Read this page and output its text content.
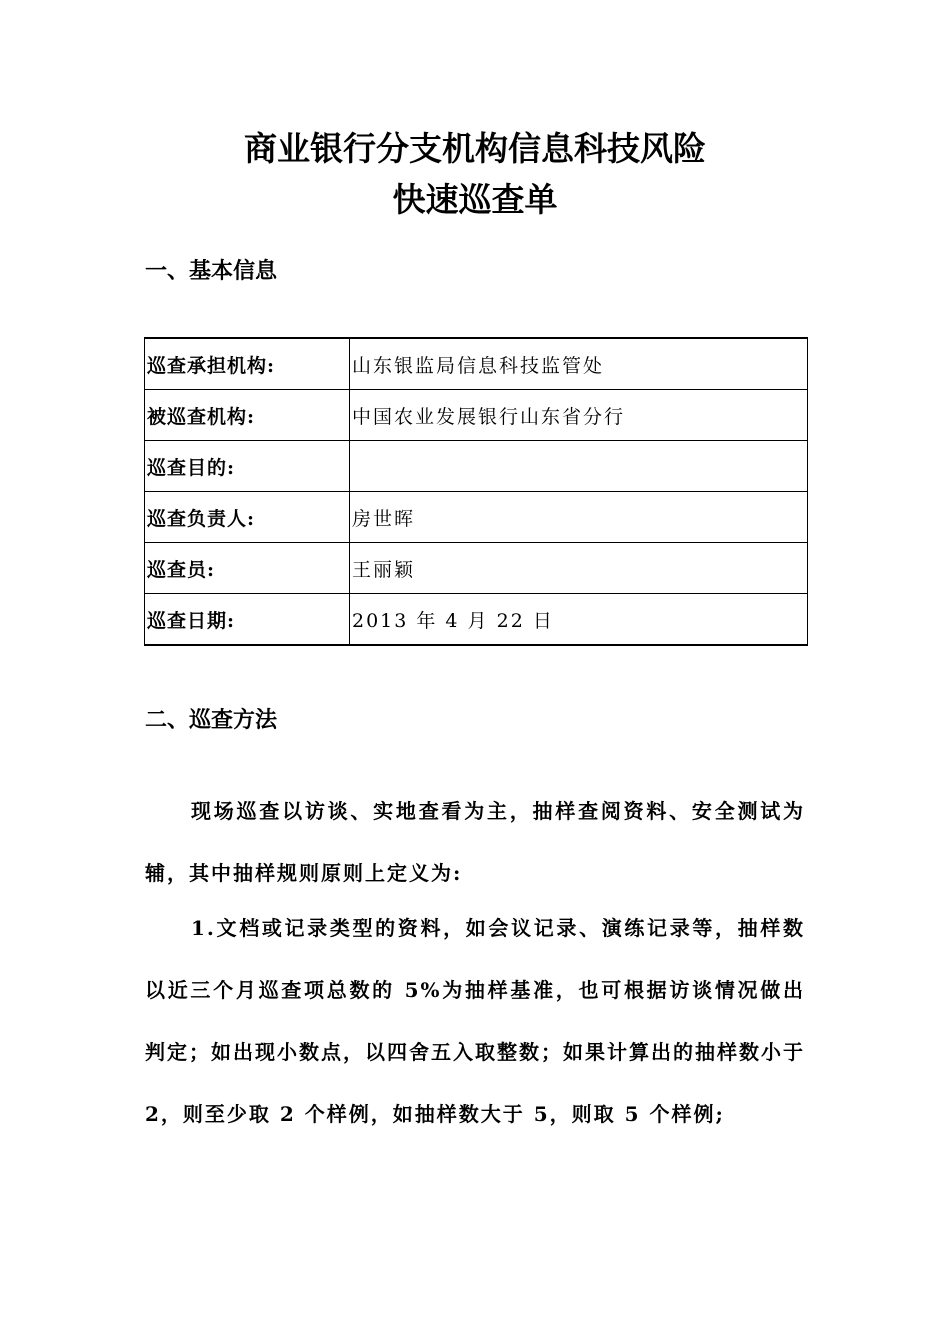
商业银行分支机构信息科技风险
快速巡查单
一、基本信息
巡查承担机构:	山东银监局信息科技监管处
被巡查机构:	中国农业发展银行山东省分行
巡查目的:	
巡查负责人:	房世晖
巡查员:	王丽颖
巡查日期:	2013 年 4 月 22 日
二、巡查方法

现场巡查以访谈、实地查看为主，抽样查阅资料、安全测试为辅，其中抽样规则原则上定义为:

1.文档或记录类型的资料，如会议记录、演练记录等，抽样数以近三个月巡查项总数的 5%为抽样基准，也可根据访谈情况做出判定；如出现小数点，以四舍五入取整数；如果计算出的抽样数小于 2，则至少取 2 个样例，如抽样数大于 5，则取 5 个样例;
